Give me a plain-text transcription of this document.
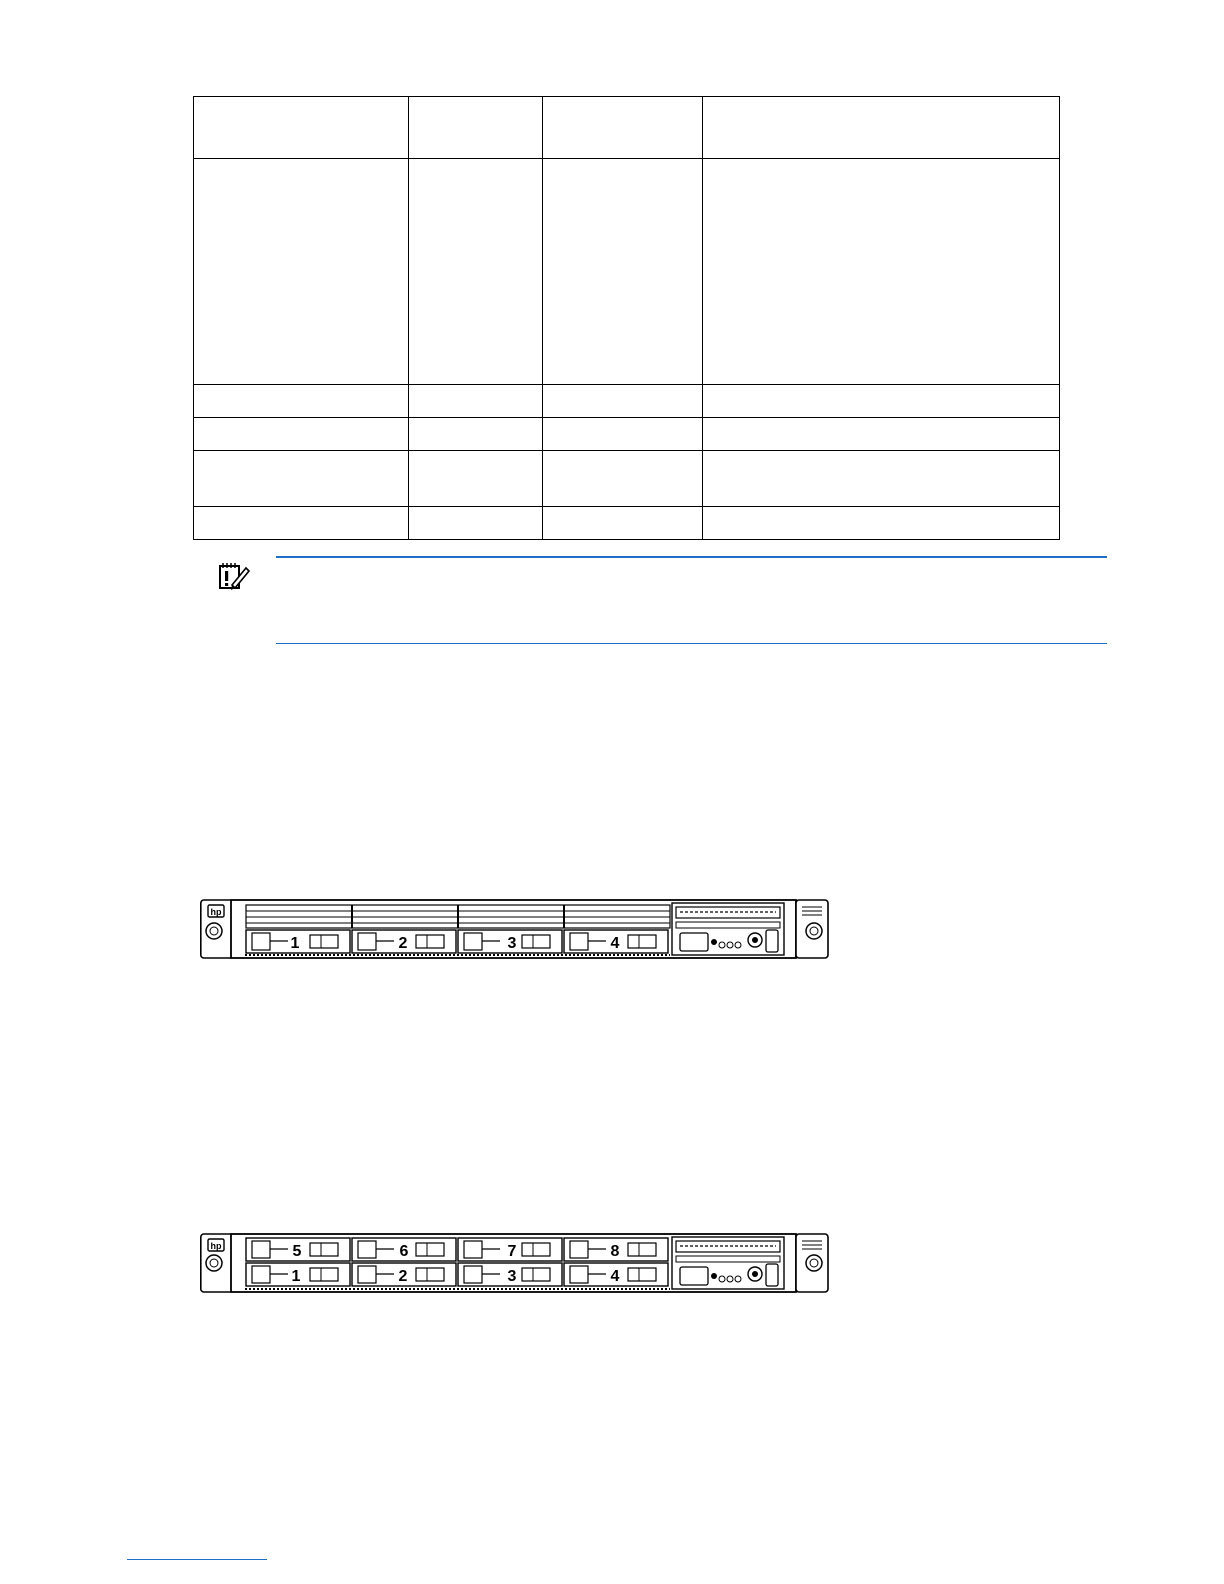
hp
1	2	3	4
hp	5	6	7	8
1	2	3	4
